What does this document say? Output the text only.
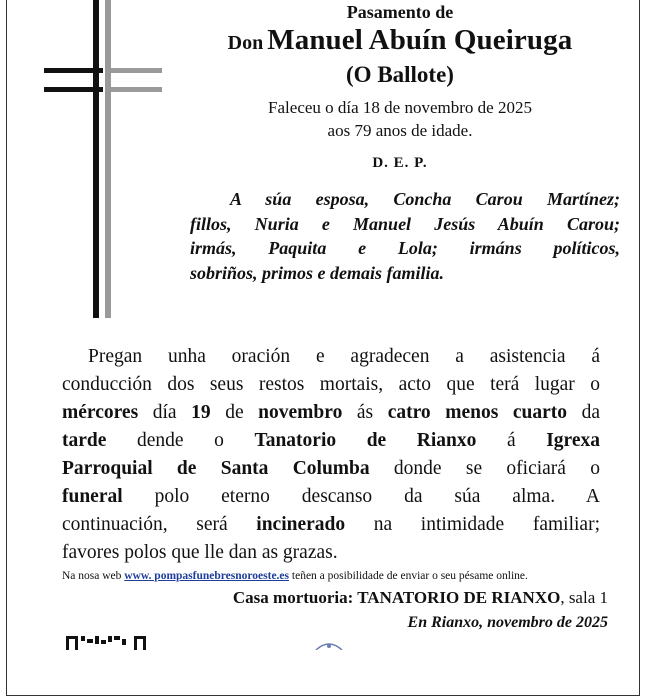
Pasamento de
Don Manuel Abuín Queiruga
(O Ballote)
Faleceu o día 18 de novembro de 2025
aos 79 anos de idade.
D. E. P.
A súa esposa, Concha Carou Martínez;
fillos, Nuria e Manuel Jesús Abuín Carou;
irmás, Paquita e Lola; irmáns políticos,
sobriños, primos e demais familia.
Pregan unha oración e agradecen a asistencia á
conducción dos seus restos mortais, acto que terá lugar o
mércores día 19 de novembro ás catro menos cuarto da
tarde dende o Tanatorio de Rianxo á Igrexa
Parroquial de Santa Columba donde se oficiará o
funeral polo eterno descanso da súa alma. A
continuación, será incinerado na intimidade familiar;
favores polos que lle dan as grazas.
Na nosa web www. pompasfunebresnoroeste.es teñen a posibilidade de enviar o seu pésame online.
Casa mortuoria: TANATORIO DE RIANXO, sala 1
En Rianxo, novembro de 2025
